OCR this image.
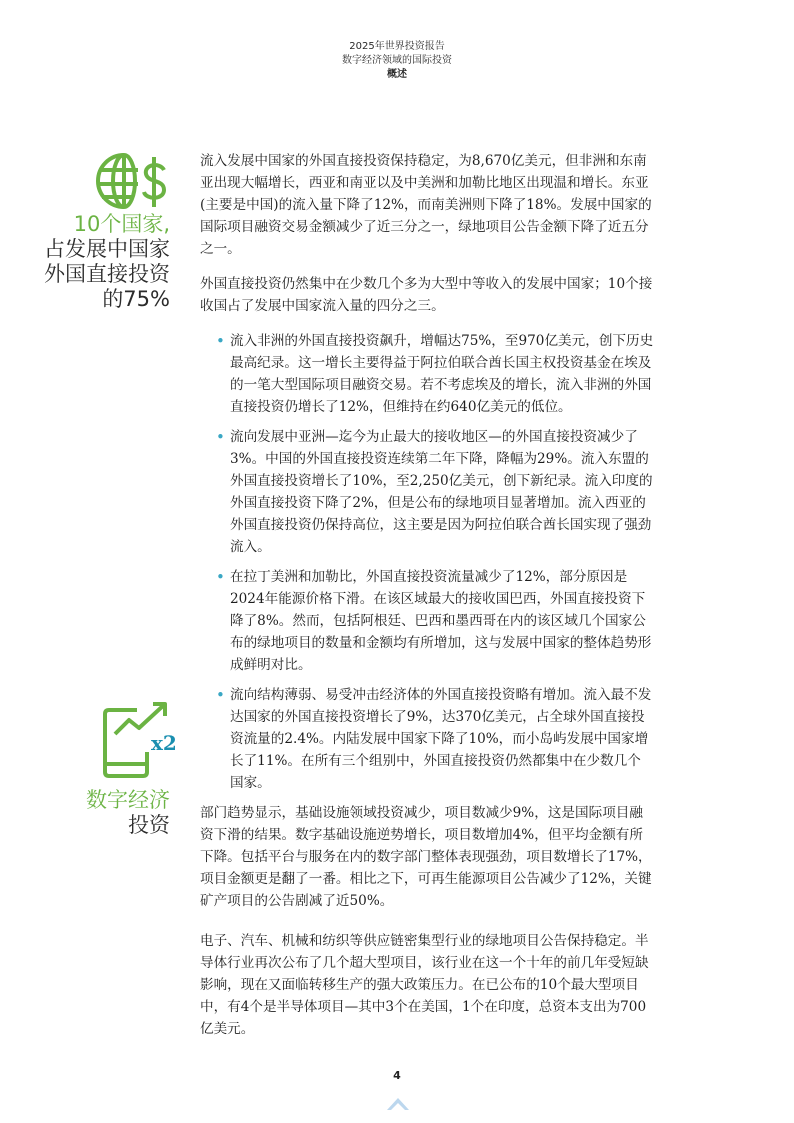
2025年世界投资报告
数字经济领域的国际投资
概述
10个国家,
占发展中国家
外国直接投资
的75%
x2
数字经济
投资

流入发展中国家的外国直接投资保持稳定，为8,670亿美元，但非洲和东南亚出现大幅增长，西亚和南亚以及中美洲和加勒比地区出现温和增长。东亚(主要是中国)的流入量下降了12%，而南美洲则下降了18%。发展中国家的国际项目融资交易金额减少了近三分之一，绿地项目公告金额下降了近五分之一。

外国直接投资仍然集中在少数几个多为大型中等收入的发展中国家；10个接收国占了发展中国家流入量的四分之三。

• 流入非洲的外国直接投资飙升，增幅达75%，至970亿美元，创下历史最高纪录。这一增长主要得益于阿拉伯联合酋长国主权投资基金在埃及的一笔大型国际项目融资交易。若不考虑埃及的增长，流入非洲的外国直接投资仍增长了12%，但维持在约640亿美元的低位。
• 流向发展中亚洲—迄今为止最大的接收地区—的外国直接投资减少了3%。中国的外国直接投资连续第二年下降，降幅为29%。流入东盟的外国直接投资增长了10%，至2,250亿美元，创下新纪录。流入印度的外国直接投资下降了2%，但是公布的绿地项目显著增加。流入西亚的外国直接投资仍保持高位，这主要是因为阿拉伯联合酋长国实现了强劲流入。
• 在拉丁美洲和加勒比，外国直接投资流量减少了12%，部分原因是2024年能源价格下滑。在该区域最大的接收国巴西，外国直接投资下降了8%。然而，包括阿根廷、巴西和墨西哥在内的该区域几个国家公布的绿地项目的数量和金额均有所增加，这与发展中国家的整体趋势形成鲜明对比。
• 流向结构薄弱、易受冲击经济体的外国直接投资略有增加。流入最不发达国家的外国直接投资增长了9%，达370亿美元，占全球外国直接投资流量的2.4%。内陆发展中国家下降了10%，而小岛屿发展中国家增长了11%。在所有三个组别中，外国直接投资仍然都集中在少数几个国家。

部门趋势显示，基础设施领域投资减少，项目数减少9%，这是国际项目融资下滑的结果。数字基础设施逆势增长，项目数增加4%，但平均金额有所下降。包括平台与服务在内的数字部门整体表现强劲，项目数增长了17%，项目金额更是翻了一番。相比之下，可再生能源项目公告减少了12%，关键矿产项目的公告剧减了近50%。

电子、汽车、机械和纺织等供应链密集型行业的绿地项目公告保持稳定。半导体行业再次公布了几个超大型项目，该行业在这一个十年的前几年受短缺影响，现在又面临转移生产的强大政策压力。在已公布的10个最大型项目中，有4个是半导体项目—其中3个在美国，1个在印度，总资本支出为700亿美元。

4
